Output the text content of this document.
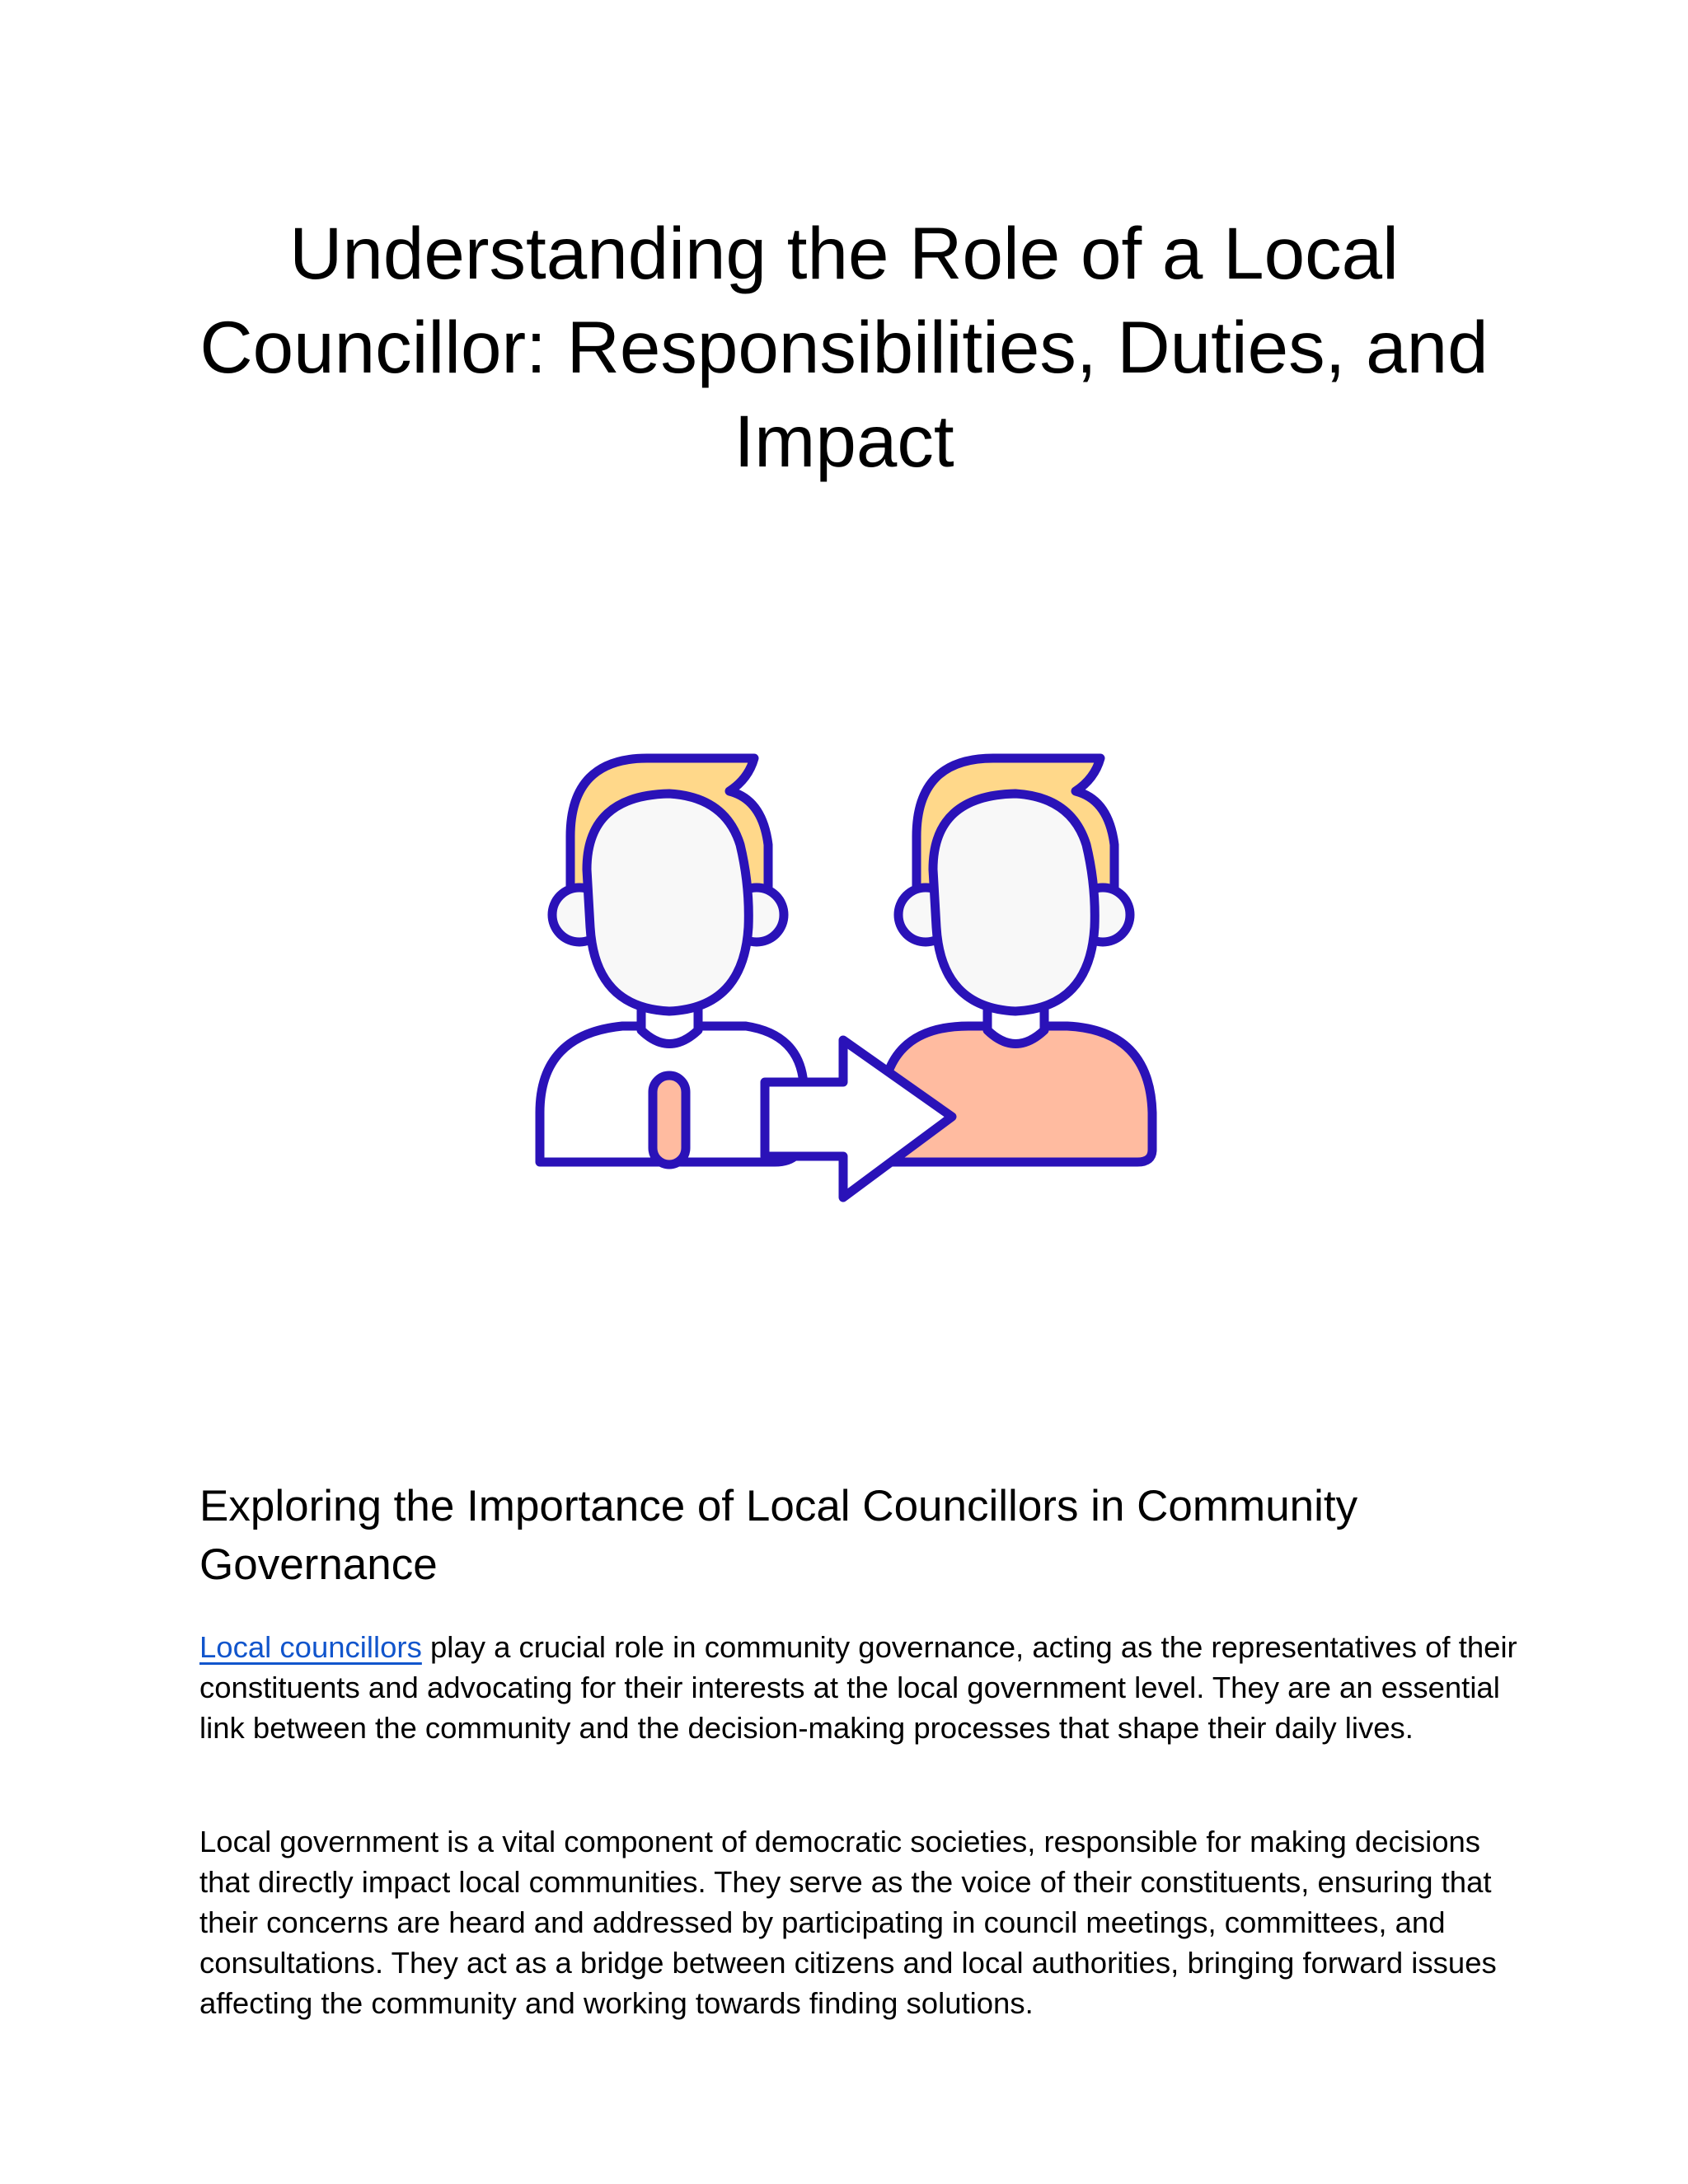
Understanding the Role of a Local Councillor: Responsibilities, Duties, and Impact
Exploring the Importance of Local Councillors in Community Governance

Local councillors play a crucial role in community governance, acting as the representatives of their constituents and advocating for their interests at the local government level. They are an essential link between the community and the decision-making processes that shape their daily lives.

Local government is a vital component of democratic societies, responsible for making decisions that directly impact local communities. They serve as the voice of their constituents, ensuring that their concerns are heard and addressed by participating in council meetings, committees, and consultations. They act as a bridge between citizens and local authorities, bringing forward issues affecting the community and working towards finding solutions.
